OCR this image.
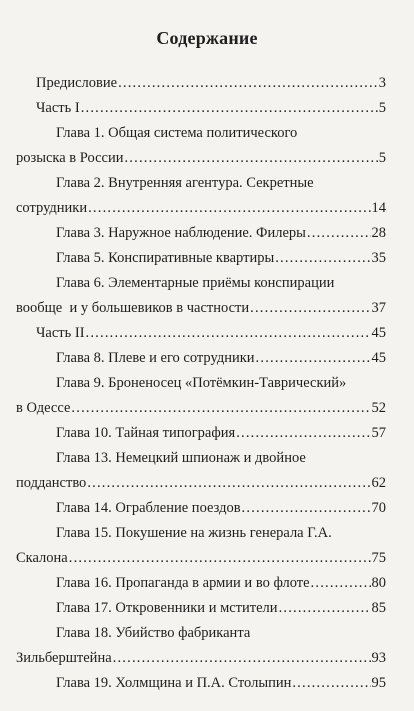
Содержание
Предисловие .....	3
Часть I .....	5
Глава 1. Общая система политического
розыска в России .....	5
Глава 2. Внутренняя агентура. Секретные
сотрудники .....	14
Глава 3. Наружное наблюдение. Филеры .....	28
Глава 5. Конспиративные квартиры .....	35
Глава 6. Элементарные приёмы конспирации
вообще  и у большевиков в частности .....	37
Часть II .....	45
Глава 8. Плеве и его сотрудники .....	45
Глава 9. Броненосец «Потёмкин-Таврический»
в Одессе .....	52
Глава 10. Тайная типография .....	57
Глава 13. Немецкий шпионаж и двойное
подданство .....	62
Глава 14. Ограбление поездов .....	70
Глава 15. Покушение на жизнь генерала Г.А.
Скалона .....	75
Глава 16. Пропаганда в армии и во флоте .....	80
Глава 17. Откровенники и мстители .....	85
Глава 18. Убийство фабриканта
Зильберштейна .....	93
Глава 19. Холмщина и П.А. Столыпин .....	95
